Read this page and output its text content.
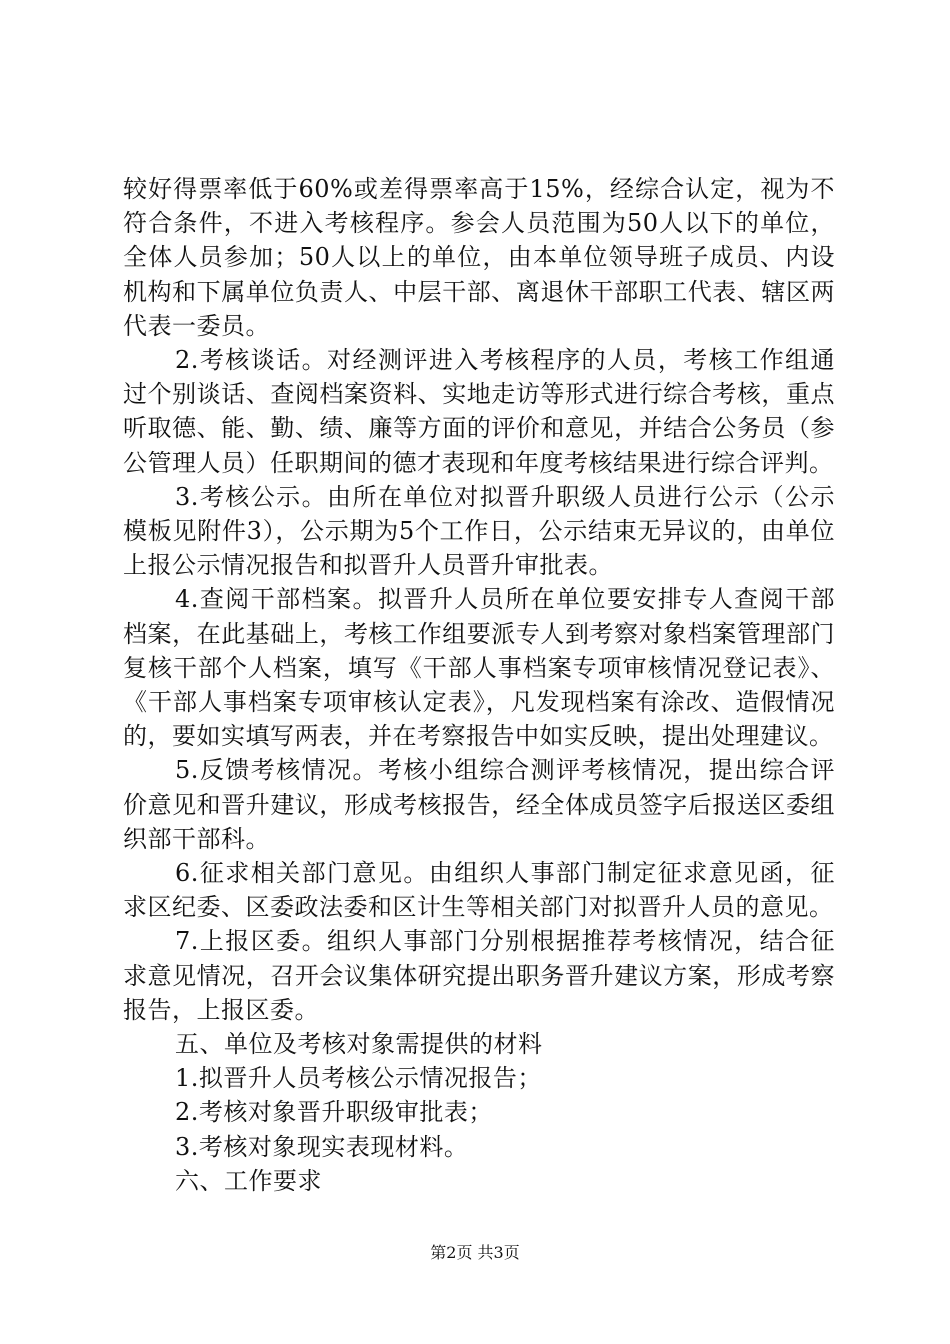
较好得票率低于60%或差得票率高于15%，经综合认定，视为不符合条件，不进入考核程序。参会人员范围为50人以下的单位，全体人员参加；50人以上的单位，由本单位领导班子成员、内设机构和下属单位负责人、中层干部、离退休干部职工代表、辖区两代表一委员。

2.考核谈话。对经测评进入考核程序的人员，考核工作组通过个别谈话、查阅档案资料、实地走访等形式进行综合考核，重点听取德、能、勤、绩、廉等方面的评价和意见，并结合公务员（参公管理人员）任职期间的德才表现和年度考核结果进行综合评判。

3.考核公示。由所在单位对拟晋升职级人员进行公示（公示模板见附件3），公示期为5个工作日，公示结束无异议的，由单位上报公示情况报告和拟晋升人员晋升审批表。

4.查阅干部档案。拟晋升人员所在单位要安排专人查阅干部档案，在此基础上，考核工作组要派专人到考察对象档案管理部门复核干部个人档案，填写《干部人事档案专项审核情况登记表》、《干部人事档案专项审核认定表》，凡发现档案有涂改、造假情况的，要如实填写两表，并在考察报告中如实反映，提出处理建议。

5.反馈考核情况。考核小组综合测评考核情况，提出综合评价意见和晋升建议，形成考核报告，经全体成员签字后报送区委组织部干部科。

6.征求相关部门意见。由组织人事部门制定征求意见函，征求区纪委、区委政法委和区计生等相关部门对拟晋升人员的意见。

7.上报区委。组织人事部门分别根据推荐考核情况，结合征求意见情况，召开会议集体研究提出职务晋升建议方案，形成考察报告，上报区委。

五、单位及考核对象需提供的材料

1.拟晋升人员考核公示情况报告；

2.考核对象晋升职级审批表；

3.考核对象现实表现材料。

六、工作要求

第2页 共3页
